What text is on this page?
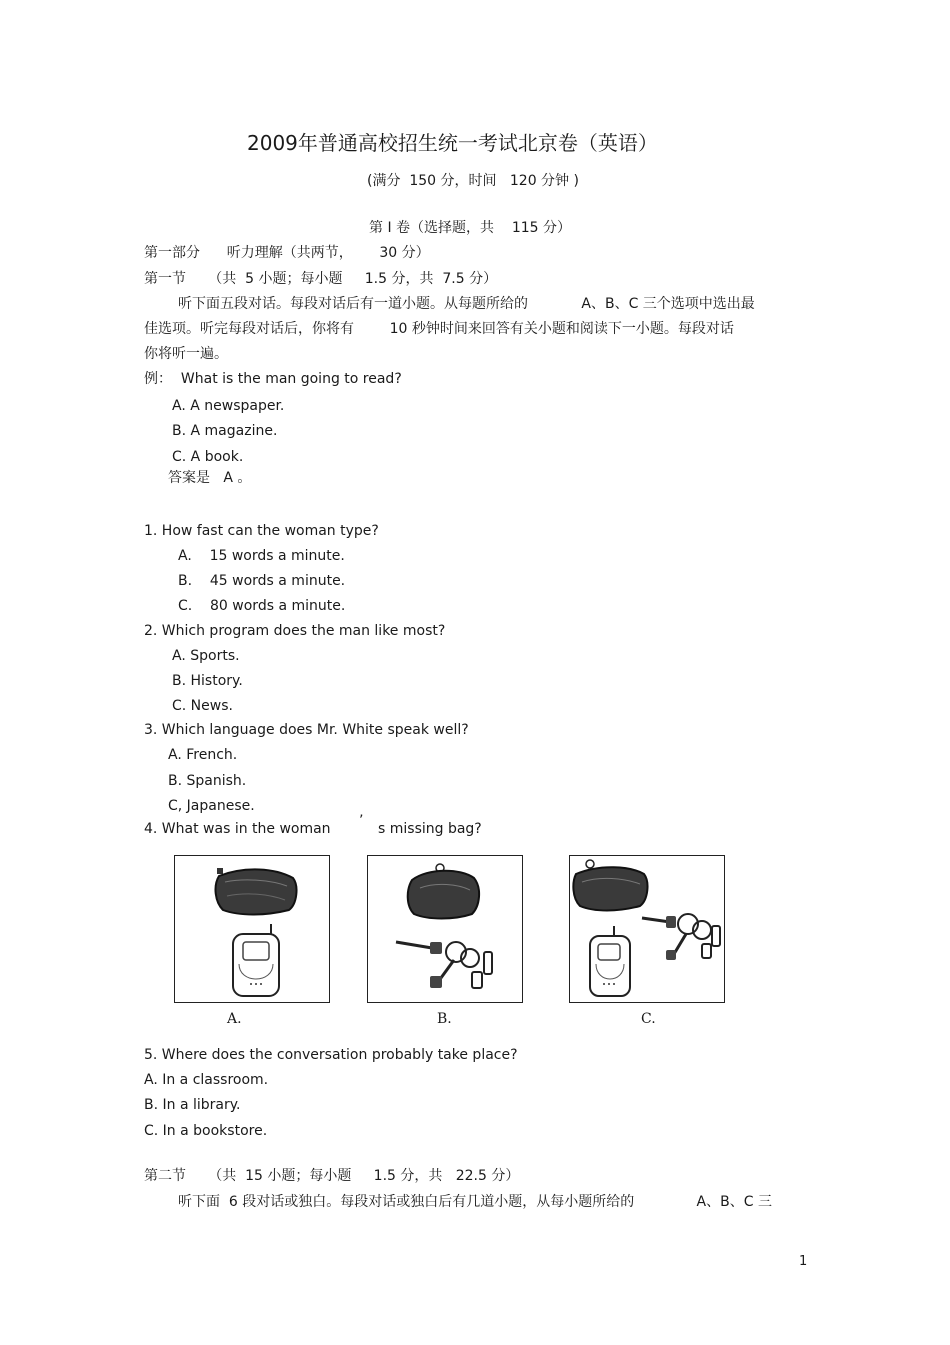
2009年普通高校招生统一考试北京卷（英语）
(满分  150 分，时间   120 分钟 )
第 I 卷（选择题，共    115 分）
第一部分      听力理解（共两节，      30 分）
第一节     （共  5 小题；每小题     1.5 分，共  7.5 分）
听下面五段对话。每段对话后有一道小题。从每题所给的            A、B、C 三个选项中选出最
佳选项。听完每段对话后，你将有        10 秒钟时间来回答有关小题和阅读下一小题。每段对话
你将听一遍。
例：  What is the man going to read?
A. A newspaper.
B. A magazine.
C. A book.
答案是   A 。
1. How fast can the woman type?
A.    15 words a minute.
B.    45 words a minute.
C.    80 words a minute.
2. Which program does the man like most?
A. Sports.
B. History.
C. News.
3. Which language does Mr. White speak well?
A. French.
B. Spanish.
C, Japanese.
4. What was in the woman ’ s missing bag?
A.	B.	C.
5. Where does the conversation probably take place?
A. In a classroom.
B. In a library.
C. In a bookstore.
第二节     （共  15 小题；每小题     1.5 分，共   22.5 分）
听下面  6 段对话或独白。每段对话或独白后有几道小题，从每小题所给的              A、B、C 三
1
